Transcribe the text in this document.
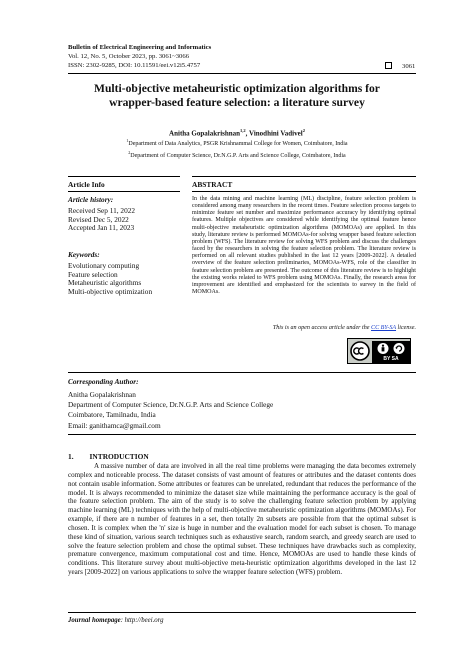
Bulletin of Electrical Engineering and Informatics
Vol. 12, No. 5, October 2023, pp. 3061~3066
ISSN: 2302-9285, DOI: 10.11591/eei.v12i5.4757	3061
Multi-objective metaheuristic optimization algorithms for
wrapper-based feature selection: a literature survey
Anitha Gopalakrishnan$^{1,2}$, Vinodhini Vadivel$^2$
$^1$Department of Data Analytics, PSGR Krishnammal College for Women, Coimbatore, India
$^2$Department of Computer Science, Dr.N.G.P. Arts and Science College, Coimbatore, India
Article Info	ABSTRACT
Article history:
Received Sep 11, 2022
Revised Dec 5, 2022
Accepted Jan 11, 2023
Keywords:
Evolutionary computing
Feature selection
Metaheuristic algorithms
Multi-objective optimization
In the data mining and machine learning (ML) discipline, feature selection problem is considered among many researchers in the recent times. Feature selection process targets to minimize feature set number and maximize performance accuracy by identifying optimal features. Multiple objectives are considered while identifying the optimal feature hence multi-objective metaheuristic optimization algorithms (MOMOAs) are applied. In this study, literature review is performed MOMOAs-for solving wrapper based feature selection problem (WFS). The literature review for solving WFS problem and discuss the challenges faced by the researchers in solving the feature selection problem. The literature review is performed on all relevant studies published in the last 12 years [2009-2022]. A detailed overview of the feature selection preliminaries, MOMOAs-WFS, role of the classifier in feature selection problem are presented. The outcome of this literature review is to highlight the existing works related to WFS problem using MOMOAs. Finally, the research areas for improvement are identified and emphasized for the scientists to survey in the field of MOMOAs.
This is an open access article under the CC BY-SA license.
BY SA
Corresponding Author:
Anitha Gopalakrishnan
Department of Computer Science, Dr.N.G.P. Arts and Science College
Coimbatore, Tamilnadu, India
Email: ganithamca@gmail.com
1. INTRODUCTION
A massive number of data are involved in all the real time problems were managing the data becomes extremely complex and noticeable process. The dataset consists of vast amount of features or attributes and the dataset contents does not contain usable information. Some attributes or features can be unrelated, redundant that reduces the performance of the model. It is always recommended to minimize the dataset size while maintaining the performance accuracy is the goal of the feature selection problem. The aim of the study is to solve the challenging feature selection problem by applying machine learning (ML) techniques with the help of multi-objective metaheuristic optimization algorithms (MOMOAs). For example, if there are n number of features in a set, then totally 2n subsets are possible from that the optimal subset is chosen. It is complex when the 'n' size is huge in number and the evaluation model for each subset is chosen. To manage these kind of situation, various search techniques such as exhaustive search, random search, and greedy search are used to solve the feature selection problem and chose the optimal subset. These techniques have drawbacks such as complexity, premature convergence, maximum computational cost and time. Hence, MOMOAs are used to handle these kinds of conditions. This literature survey about multi-objective meta-heuristic optimization algorithms developed in the last 12 years [2009-2022] on various applications to solve the wrapper feature selection (WFS) problem.
Journal homepage: http://beei.org
